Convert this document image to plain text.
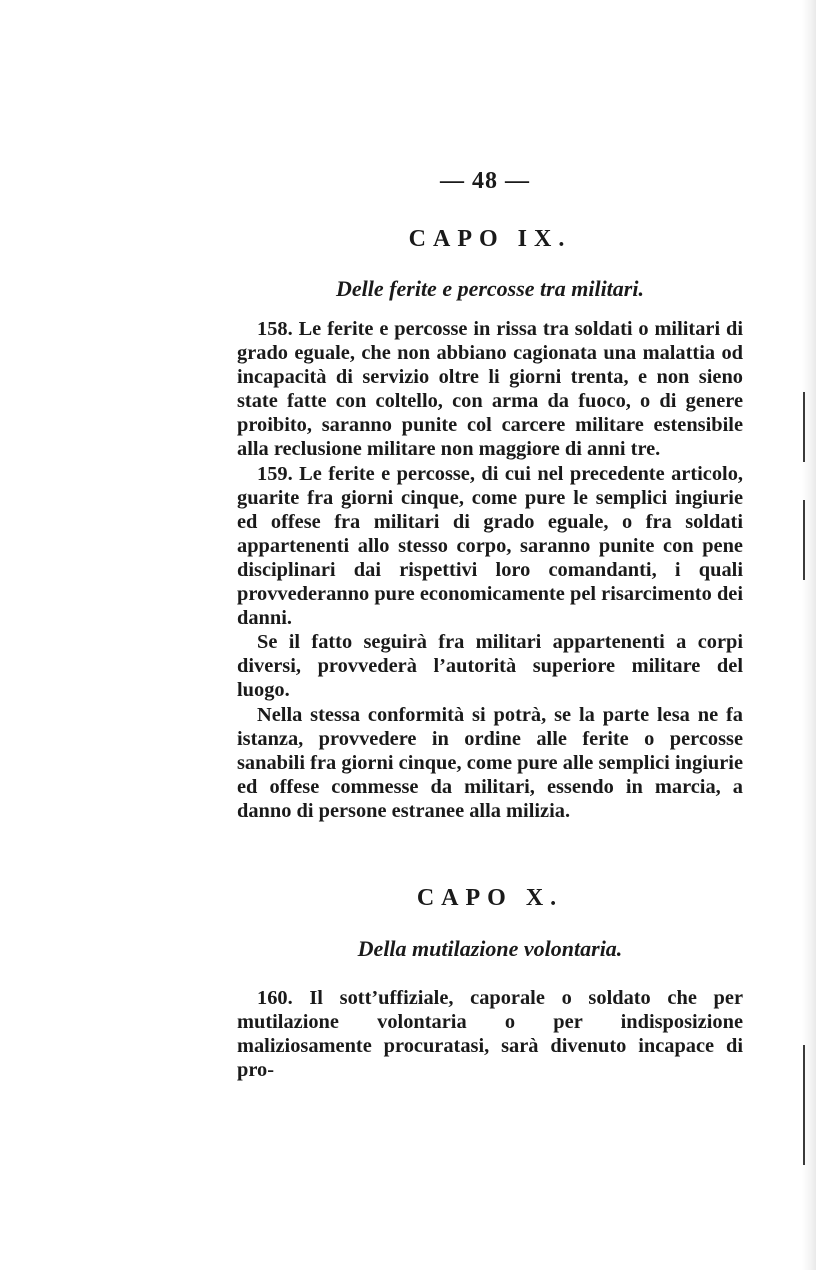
— 48 —
CAPO IX.
Delle ferite e percosse tra militari.

158. Le ferite e percosse in rissa tra soldati o militari di grado eguale, che non abbiano cagionata una malattia od incapacità di servizio oltre li giorni trenta, e non sieno state fatte con coltello, con arma da fuoco, o di genere proibito, saranno punite col carcere militare estensibile alla reclusione militare non maggiore di anni tre.

159. Le ferite e percosse, di cui nel precedente articolo, guarite fra giorni cinque, come pure le semplici ingiurie ed offese fra militari di grado eguale, o fra soldati appartenenti allo stesso corpo, saranno punite con pene disciplinari dai rispettivi loro comandanti, i quali provvederanno pure economicamente pel risarcimento dei danni.

Se il fatto seguirà fra militari appartenenti a corpi diversi, provvederà l’autorità superiore militare del luogo.

Nella stessa conformità si potrà, se la parte lesa ne fa istanza, provvedere in ordine alle ferite o percosse sanabili fra giorni cinque, come pure alle semplici ingiurie ed offese commesse da militari, essendo in marcia, a danno di persone estranee alla milizia.

CAPO X.
Della mutilazione volontaria.

160. Il sott’uffiziale, caporale o soldato che per mutilazione volontaria o per indisposizione maliziosamente procuratasi, sarà divenuto incapace di pro-
